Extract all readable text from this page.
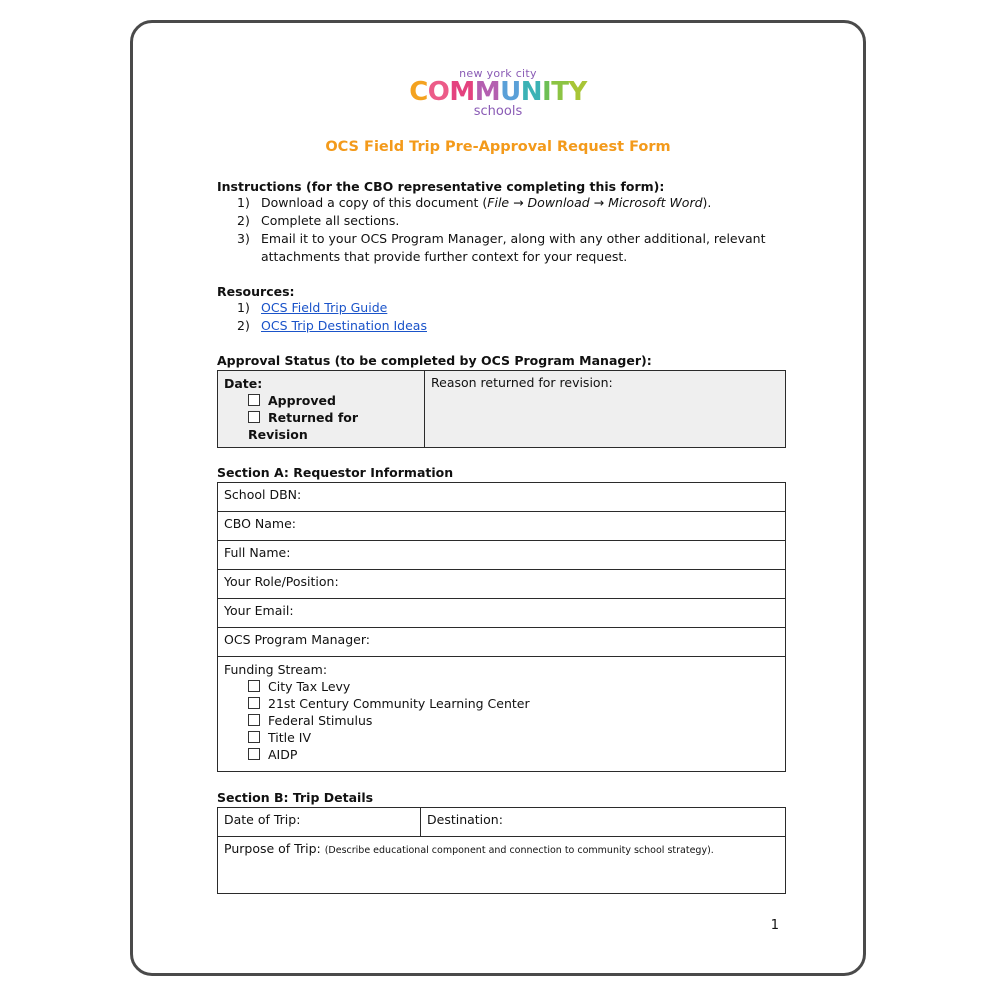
new york city
COMMUNITY
schools
OCS Field Trip Pre-Approval Request Form
Instructions (for the CBO representative completing this form):
1) Download a copy of this document (File → Download → Microsoft Word).
2) Complete all sections.
3) Email it to your OCS Program Manager, along with any other additional, relevant attachments that provide further context for your request.
Resources:
1) OCS Field Trip Guide
2) OCS Trip Destination Ideas
Approval Status (to be completed by OCS Program Manager):
Date:
Approved
Returned for Revision
	Reason returned for revision:
Section A: Requestor Information
School DBN:
CBO Name:
Full Name:
Your Role/Position:
Your Email:
OCS Program Manager:

Funding Stream:
City Tax Levy
21st Century Community Learning Center
Federal Stimulus
Title IV
AIDP
Section B: Trip Details
Date of Trip:	Destination:
Purpose of Trip: (Describe educational component and connection to community school strategy).
1
